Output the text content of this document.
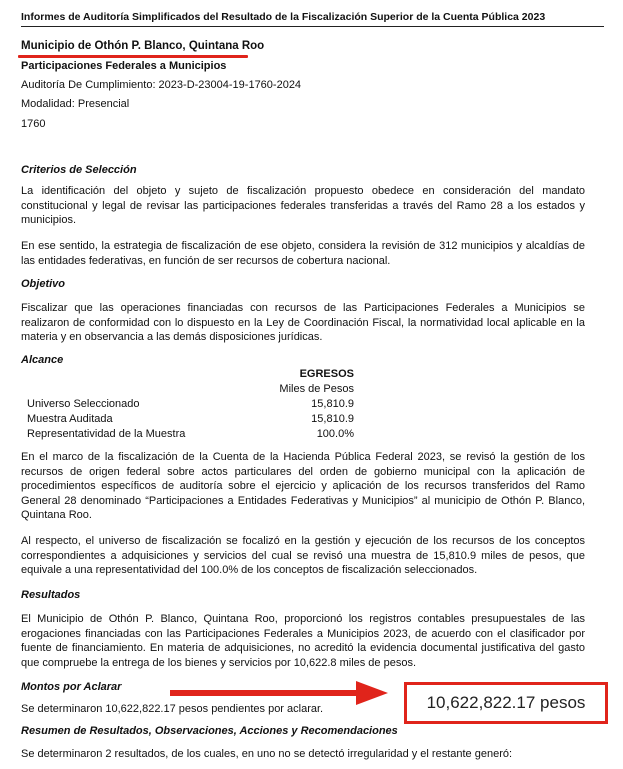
Informes de Auditoría Simplificados del Resultado de la Fiscalización Superior de la Cuenta Pública 2023
Municipio de Othón P. Blanco, Quintana Roo
Participaciones Federales a Municipios
Auditoría De Cumplimiento: 2023-D-23004-19-1760-2024
Modalidad: Presencial
1760
Criterios de Selección

La identificación del objeto y sujeto de fiscalización propuesto obedece en consideración del mandato constitucional y legal de revisar las participaciones federales transferidas a través del Ramo 28 a los estados y municipios.

En ese sentido, la estrategia de fiscalización de ese objeto, considera la revisión de 312 municipios y alcaldías de las entidades federativas, en función de ser recursos de cobertura nacional.

Objetivo

Fiscalizar que las operaciones financiadas con recursos de las Participaciones Federales a Municipios se realizaron de conformidad con lo dispuesto en la Ley de Coordinación Fiscal, la normatividad local aplicable en la materia y en observancia a las demás disposiciones jurídicas.

Alcance
EGRESOS
Miles de Pesos
Universo Seleccionado	15,810.9
Muestra Auditada	15,810.9
Representatividad de la Muestra	100.0%

En el marco de la fiscalización de la Cuenta de la Hacienda Pública Federal 2023, se revisó la gestión de los recursos de origen federal sobre actos particulares del orden de gobierno municipal con la aplicación de procedimientos específicos de auditoría sobre el ejercicio y aplicación de los recursos transferidos del Ramo General 28 denominado “Participaciones a Entidades Federativas y Municipios” al municipio de Othón P. Blanco, Quintana Roo.

Al respecto, el universo de fiscalización se focalizó en la gestión y ejecución de los recursos de los conceptos correspondientes a adquisiciones y servicios del cual se revisó una muestra de 15,810.9 miles de pesos, que equivale a una representatividad del 100.0% de los conceptos de fiscalización seleccionados.

Resultados

El Municipio de Othón P. Blanco, Quintana Roo, proporcionó los registros contables presupuestales de las erogaciones financiadas con las Participaciones Federales a Municipios 2023, de acuerdo con el clasificador por fuente de financiamiento. En materia de adquisiciones, no acreditó la evidencia documental justificativa del gasto que compruebe la entrega de los bienes y servicios por 10,622.8 miles de pesos.

Montos por Aclarar
Se determinaron 10,622,822.17 pesos pendientes por aclarar.	10,622,822.17 pesos
Resumen de Resultados, Observaciones, Acciones y Recomendaciones
Se determinaron 2 resultados, de los cuales, en uno no se detectó irregularidad y el restante generó:
